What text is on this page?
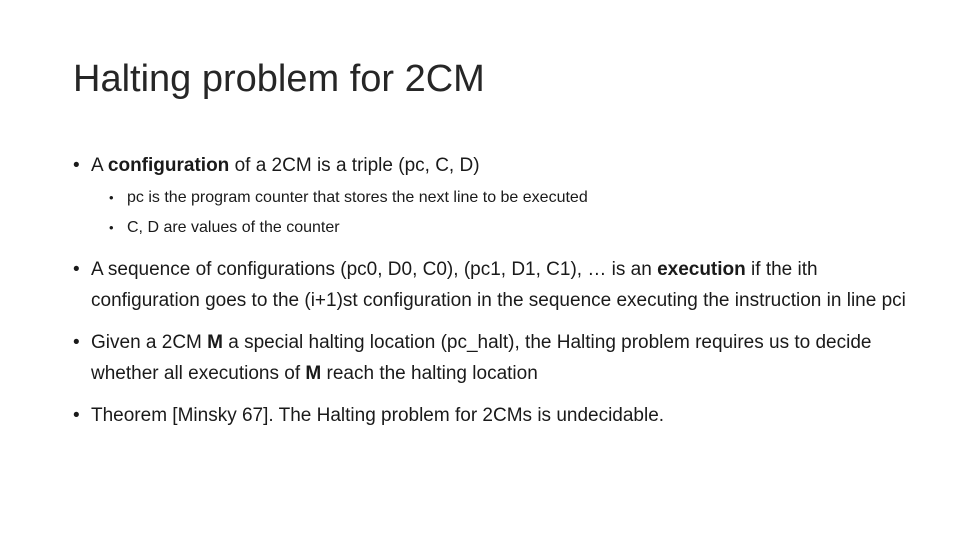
Halting problem for 2CM

• A configuration of a 2CM is a triple (pc, C, D)

• pc is the program counter that stores the next line to be executed

• C, D are values of the counter

• A sequence of configurations (pc0, D0, C0), (pc1, D1, C1), … is an execution if the ith configuration goes to the (i+1)st configuration in the sequence executing the instruction in line pci

• Given a 2CM M a special halting location (pc_halt), the Halting problem requires us to decide whether all executions of M reach the halting location

• Theorem [Minsky 67]. The Halting problem for 2CMs is undecidable.
